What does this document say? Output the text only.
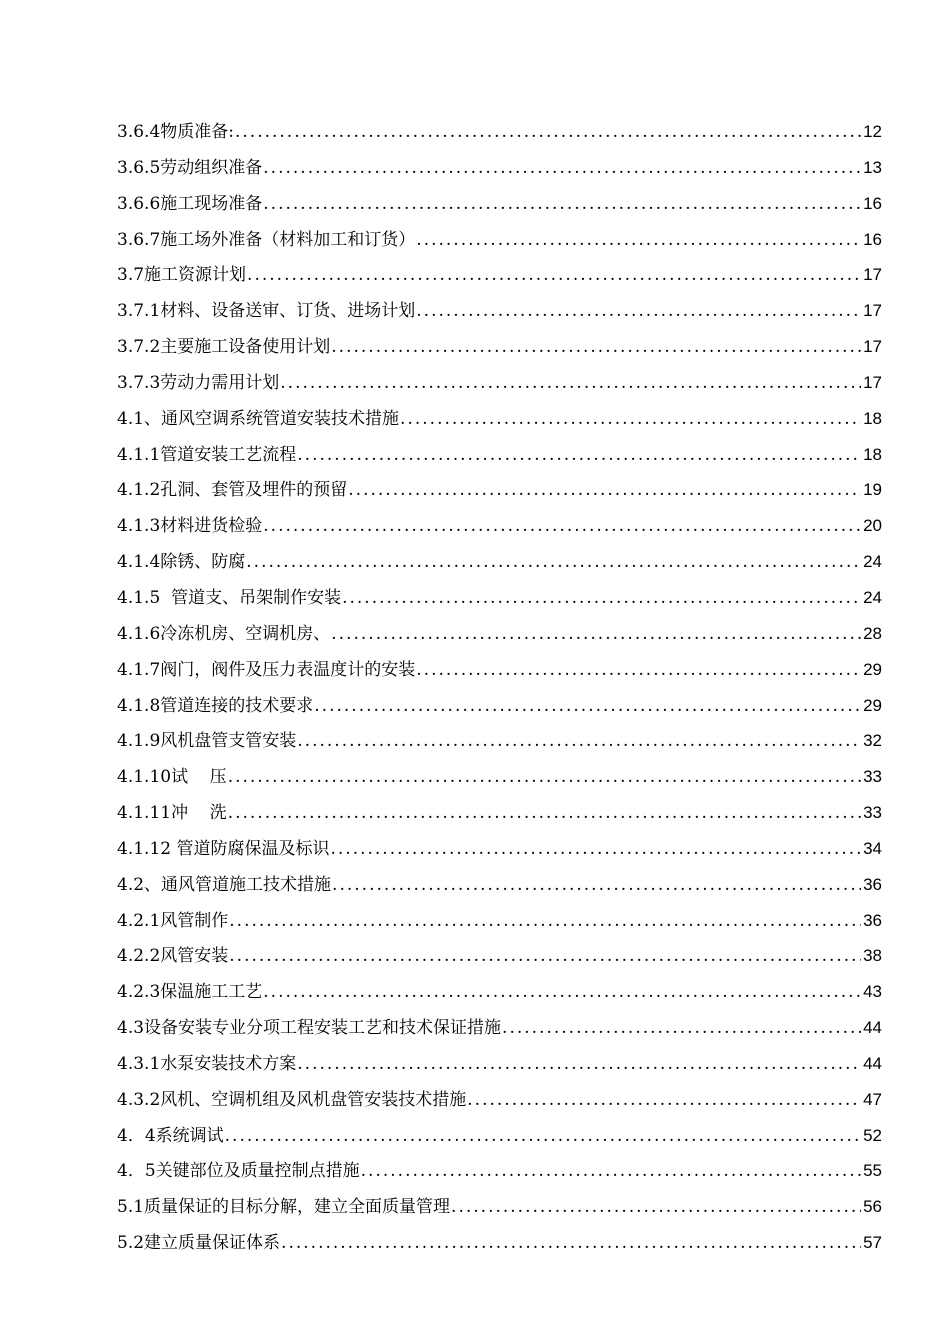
3.6.4物质准备: .....	12
3.6.5劳动组织准备 .....	13
3.6.6施工现场准备 .....	16
3.6.7施工场外准备（材料加工和订货） .....	16
3.7施工资源计划 .....	17
3.7.1材料、设备送审、订货、进场计划 .....	17
3.7.2主要施工设备使用计划 .....	17
3.7.3劳动力需用计划 .....	17
4.1、通风空调系统管道安装技术措施 .....	18
4.1.1管道安装工艺流程 .....	18
4.1.2孔洞、套管及埋件的预留 .....	19
4.1.3材料进货检验 .....	20
4.1.4除锈、防腐 .....	24
4.1.5  管道支、吊架制作安装 .....	24
4.1.6冷冻机房、空调机房、 .....	28
4.1.7阀门，阀件及压力表温度计的安装 .....	29
4.1.8管道连接的技术要求 .....	29
4.1.9风机盘管支管安装 .....	32
4.1.10试    压 .....	33
4.1.11冲    洗 .....	33
4.1.12 管道防腐保温及标识 .....	34
4.2、通风管道施工技术措施 .....	36
4.2.1风管制作 .....	36
4.2.2风管安装 .....	38
4.2.3保温施工工艺 .....	43
4.3设备安装专业分项工程安装工艺和技术保证措施 .....	44
4.3.1水泵安装技术方案 .....	44
4.3.2风机、空调机组及风机盘管安装技术措施 .....	47
4．4系统调试 .....	52
4．5关键部位及质量控制点措施 .....	55
5.1质量保证的目标分解，建立全面质量管理 .....	56
5.2建立质量保证体系 .....	57
